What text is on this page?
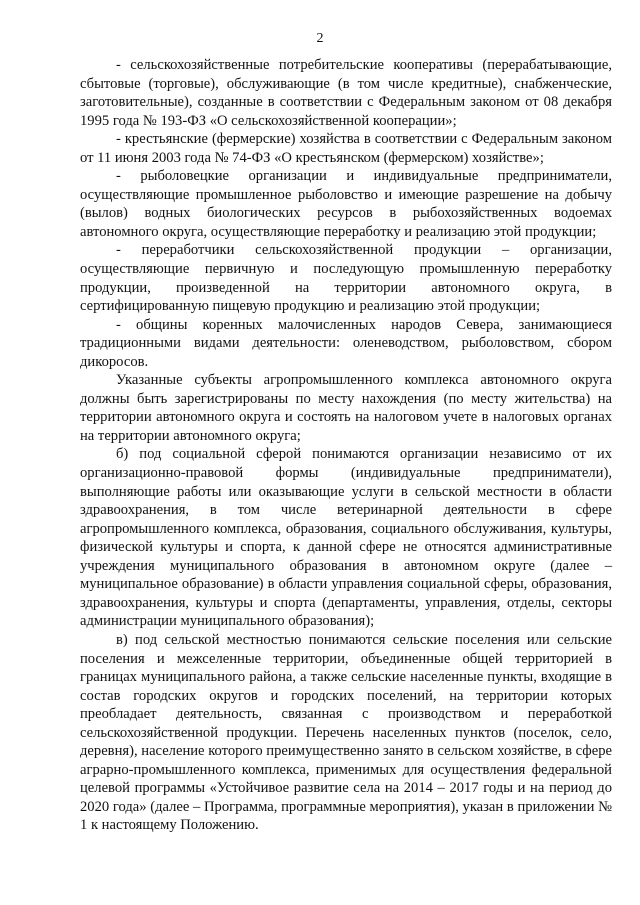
2

- сельскохозяйственные потребительские кооперативы (перерабатывающие, сбытовые (торговые), обслуживающие (в том числе кредитные), снабженческие, заготовительные), созданные в соответствии с Федеральным законом от 08 декабря 1995 года № 193-ФЗ «О сельскохозяйственной кооперации»;

- крестьянские (фермерские) хозяйства в соответствии с Федеральным законом от 11 июня 2003 года № 74-ФЗ «О крестьянском (фермерском) хозяйстве»;

- рыболовецкие организации и индивидуальные предприниматели, осуществляющие промышленное рыболовство и имеющие разрешение на добычу (вылов) водных биологических ресурсов в рыбохозяйственных водоемах автономного округа, осуществляющие переработку и реализацию этой продукции;

- переработчики сельскохозяйственной продукции – организации, осуществляющие первичную и последующую промышленную переработку продукции, произведенной на территории автономного округа, в сертифицированную пищевую продукцию и реализацию этой продукции;

- общины коренных малочисленных народов Севера, занимающиеся традиционными видами деятельности: оленеводством, рыболовством, сбором дикоросов.

Указанные субъекты агропромышленного комплекса автономного округа должны быть зарегистрированы по месту нахождения (по месту жительства) на территории автономного округа и состоять на налоговом учете в налоговых органах на территории автономного округа;

б) под социальной сферой понимаются организации независимо от их организационно-правовой формы (индивидуальные предприниматели), выполняющие работы или оказывающие услуги в сельской местности в области здравоохранения, в том числе ветеринарной деятельности в сфере агропромышленного комплекса, образования, социального обслуживания, культуры, физической культуры и спорта, к данной сфере не относятся административные учреждения муниципального образования в автономном округе (далее – муниципальное образование) в области управления социальной сферы, образования, здравоохранения, культуры и спорта (департаменты, управления, отделы, секторы администрации муниципального образования);

в) под сельской местностью понимаются сельские поселения или сельские поселения и межселенные территории, объединенные общей территорией в границах муниципального района, а также сельские населенные пункты, входящие в состав городских округов и городских поселений, на территории которых преобладает деятельность, связанная с производством и переработкой сельскохозяйственной продукции. Перечень населенных пунктов (поселок, село, деревня), население которого преимущественно занято в сельском хозяйстве, в сфере аграрно-промышленного комплекса, применимых для осуществления федеральной целевой программы «Устойчивое развитие села на 2014 – 2017 годы и на период до 2020 года» (далее – Программа, программные мероприятия), указан в приложении № 1 к настоящему Положению.
